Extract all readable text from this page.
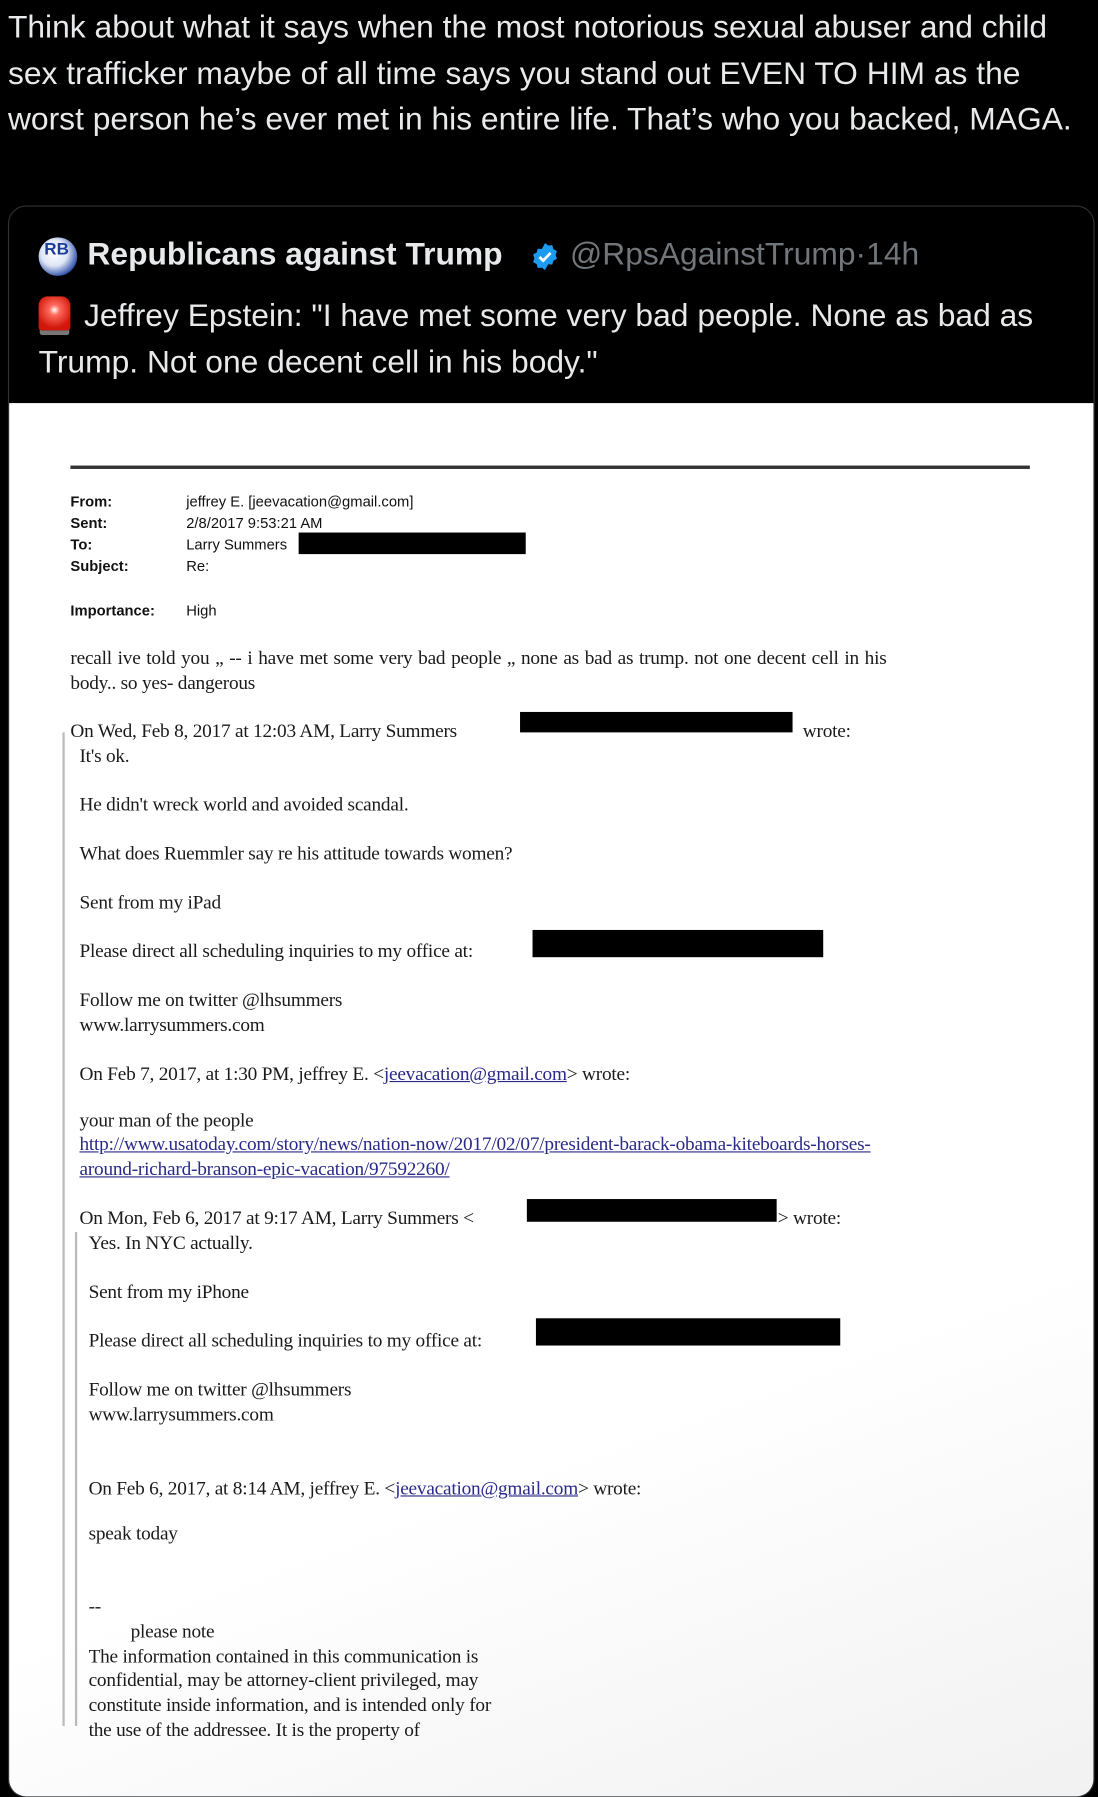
Think about what it says when the most notorious sexual abuser and child sex trafficker maybe of all time says you stand out EVEN TO HIM as the worst person he’s ever met in his entire life. That’s who you backed, MAGA.
RB Republicans against Trump @RpsAgainstTrump·14h
Jeffrey Epstein: "I have met some very bad people. None as bad as Trump. Not one decent cell in his body."
From:	jeffrey E. [jeevacation@gmail.com]
Sent:	2/8/2017 9:53:21 AM
To:	Larry Summers
Subject:	Re:
Importance: High
recall ive told you „ -- i have met some very bad people „ none as bad as trump. not one decent cell in his
body.. so yes- dangerous
On Wed, Feb 8, 2017 at 12:03 AM, Larry Summers	wrote:
It's ok.
He didn't wreck world and avoided scandal.
What does Ruemmler say re his attitude towards women?
Sent from my iPad
Please direct all scheduling inquiries to my office at:
Follow me on twitter @lhsummers
www.larrysummers.com
On Feb 7, 2017, at 1:30 PM, jeffrey E. <jeevacation@gmail.com> wrote:
your man of the people
http://www.usatoday.com/story/news/nation-now/2017/02/07/president-barack-obama-kiteboards-horses-
around-richard-branson-epic-vacation/97592260/
On Mon, Feb 6, 2017 at 9:17 AM, Larry Summers <	> wrote:
Yes. In NYC actually.
Sent from my iPhone
Please direct all scheduling inquiries to my office at:
Follow me on twitter @lhsummers
www.larrysummers.com
On Feb 6, 2017, at 8:14 AM, jeffrey E. <jeevacation@gmail.com> wrote:
speak today
--
please note
The information contained in this communication is
confidential, may be attorney-client privileged, may
constitute inside information, and is intended only for
the use of the addressee. It is the property of
